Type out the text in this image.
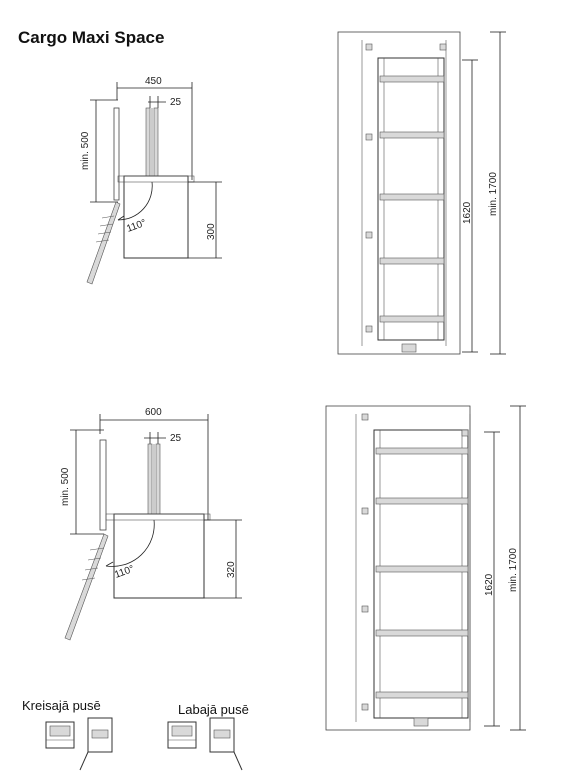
Cargo Maxi Space
450
25
min. 500
110°	300
600
25
min. 500
110°	320
1620 min. 1700
1620 min. 1700
Kreisajā pusē	Labajā pusē
